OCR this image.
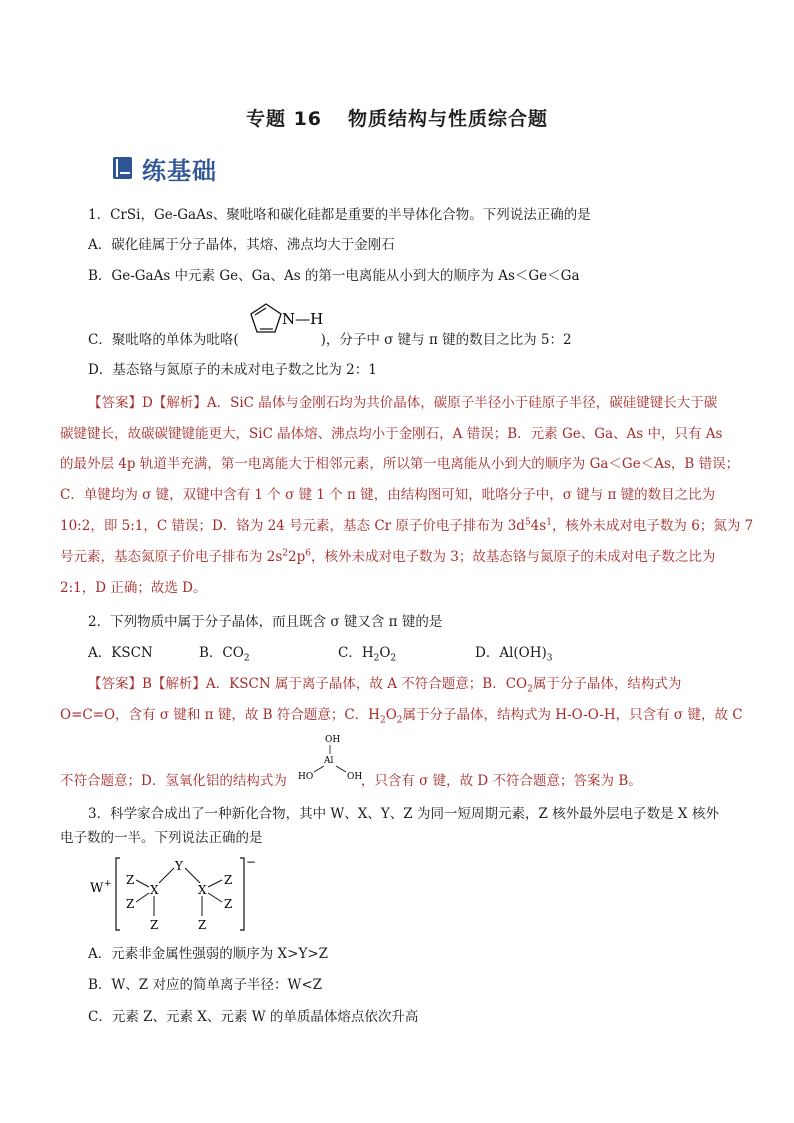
专题 16 物质结构与性质综合题
练基础
1．CrSi，Ge-GaAs、聚吡咯和碳化硅都是重要的半导体化合物。下列说法正确的是
A．碳化硅属于分子晶体，其熔、沸点均大于金刚石
B．Ge-GaAs 中元素 Ge、Ga、As 的第一电离能从小到大的顺序为 As＜Ge＜Ga
C．聚吡咯的单体为吡咯(	)，分子中 σ 键与 π 键的数目之比为 5：2
N—H
D．基态铬与氮原子的未成对电子数之比为 2：1
【答案】D【解析】A．SiC 晶体与金刚石均为共价晶体，碳原子半径小于硅原子半径，碳硅键键长大于碳
碳键键长，故碳碳键键能更大，SiC 晶体熔、沸点均小于金刚石，A 错误；B．元素 Ge、Ga、As 中，只有 As
的最外层 4p 轨道半充满，第一电离能大于相邻元素，所以第一电离能从小到大的顺序为 Ga＜Ge＜As，B 错误；
C．单键均为 σ 键，双键中含有 1 个 σ 键 1 个 π 键，由结构图可知，吡咯分子中，σ 键与 π 键的数目之比为
10:2，即 5:1，C 错误；D．铬为 24 号元素，基态 Cr 原子价电子排布为 $3d^54s^1$，核外未成对电子数为 6；氮为 7
号元素，基态氮原子价电子排布为 $2s^22p^6$，核外未成对电子数为 3；故基态铬与氮原子的未成对电子数之比为
2:1，D 正确；故选 D。
2．下列物质中属于分子晶体，而且既含 σ 键又含 π 键的是
A．KSCN	B．$CO_2$	C．$H_2O_2$	D．$Al(OH)_3$
【答案】B【解析】A．KSCN 属于离子晶体，故 A 不符合题意；B．$CO_2$属于分子晶体，结构式为
O=C=O，含有 σ 键和 π 键，故 B 符合题意；C．$H_2O_2$属于分子晶体，结构式为 H-O-O-H，只含有 σ 键，故 C
OH
Al
HO	OH
不符合题意；D．氢氧化铝的结构式为	，只含有 σ 键，故 D 不符合题意；答案为 B。
3．科学家合成出了一种新化合物，其中 W、X、Y、Z 为同一短周期元素，Z 核外最外层电子数是 X 核外
电子数的一半。下列说法正确的是
W +
−
Y
X	X
Z
Z
Z
Z
Z
Z
A．元素非金属性强弱的顺序为 X>Y>Z
B．W、Z 对应的简单离子半径：W<Z
C．元素 Z、元素 X、元素 W 的单质晶体熔点依次升高
